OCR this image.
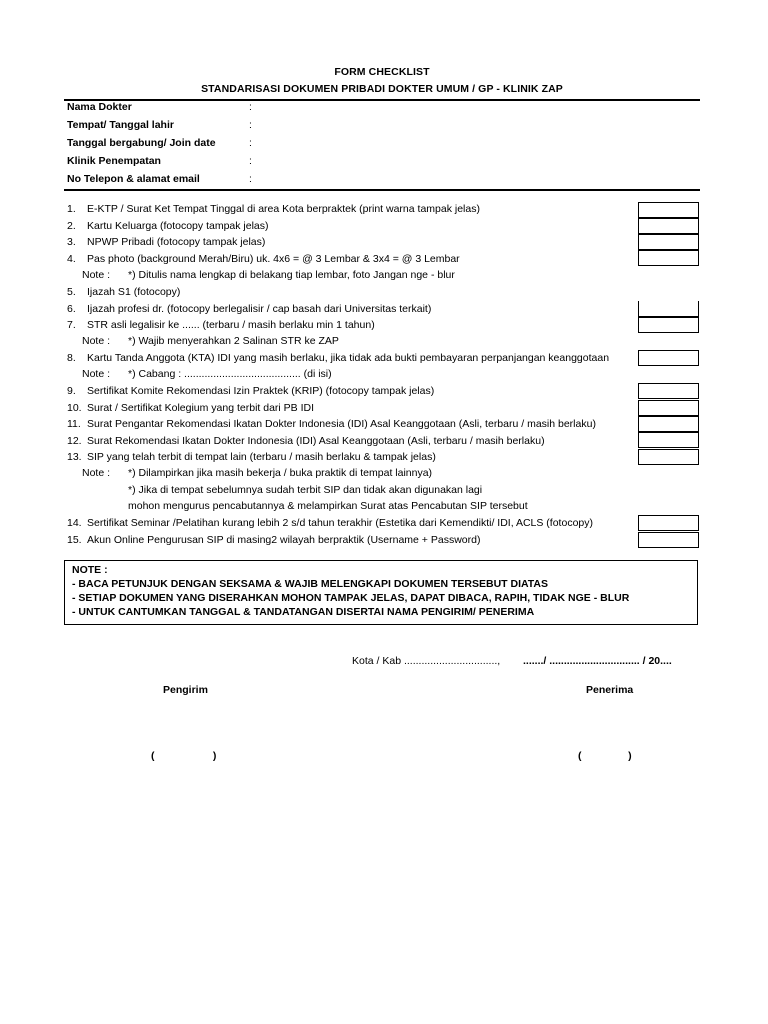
FORM CHECKLIST
STANDARISASI DOKUMEN PRIBADI DOKTER UMUM / GP - KLINIK ZAP
Nama Dokter	:
Tempat/ Tanggal lahir	:
Tanggal bergabung/ Join date	:
Klinik Penempatan	:
No Telepon & alamat email	:
1. E-KTP / Surat Ket Tempat Tinggal di area Kota berpraktek (print warna tampak jelas)
2. Kartu Keluarga (fotocopy tampak jelas)
3. NPWP Pribadi (fotocopy tampak jelas)
4. Pas photo (background Merah/Biru) uk. 4x6 = @ 3 Lembar & 3x4 = @ 3 Lembar
Note : *) Ditulis nama lengkap di belakang tiap lembar, foto Jangan nge - blur
5. Ijazah S1 (fotocopy)
6. Ijazah profesi dr. (fotocopy berlegalisir / cap basah dari Universitas terkait)
7. STR asli legalisir ke ...... (terbaru / masih berlaku min 1 tahun)
Note : *) Wajib menyerahkan 2 Salinan STR ke ZAP
8. Kartu Tanda Anggota (KTA) IDI yang masih berlaku, jika tidak ada bukti pembayaran perpanjangan keanggotaan
Note : *) Cabang : ........................................ (di isi)
9. Sertifikat Komite Rekomendasi Izin Praktek (KRIP) (fotocopy tampak jelas)
10. Surat / Sertifikat Kolegium yang terbit dari PB IDI
11. Surat Pengantar Rekomendasi Ikatan Dokter Indonesia (IDI) Asal Keanggotaan (Asli, terbaru / masih berlaku)
12. Surat Rekomendasi Ikatan Dokter Indonesia (IDI) Asal Keanggotaan (Asli, terbaru / masih berlaku)
13. SIP yang telah terbit di tempat lain (terbaru / masih berlaku & tampak jelas)
Note : *) Dilampirkan jika masih bekerja / buka praktik di tempat lainnya)
*) Jika di tempat sebelumnya sudah terbit SIP dan tidak akan digunakan lagi
mohon mengurus pencabutannya & melampirkan Surat atas Pencabutan SIP tersebut
14. Sertifikat Seminar /Pelatihan kurang lebih 2 s/d tahun terakhir (Estetika dari Kemendikti/ IDI, ACLS (fotocopy)
15. Akun Online Pengurusan SIP di masing2 wilayah berpraktik (Username + Password)
NOTE :
- BACA PETUNJUK DENGAN SEKSAMA & WAJIB MELENGKAPI DOKUMEN TERSEBUT DIATAS
- SETIAP DOKUMEN YANG DISERAHKAN MOHON TAMPAK JELAS, DAPAT DIBACA, RAPIH, TIDAK NGE - BLUR
- UNTUK CANTUMKAN TANGGAL & TANDATANGAN DISERTAI NAMA PENGIRIM/ PENERIMA
Kota / Kab ................................, ......./ ............................... / 20....
Pengirim	Penerima
(                    )	(                )
